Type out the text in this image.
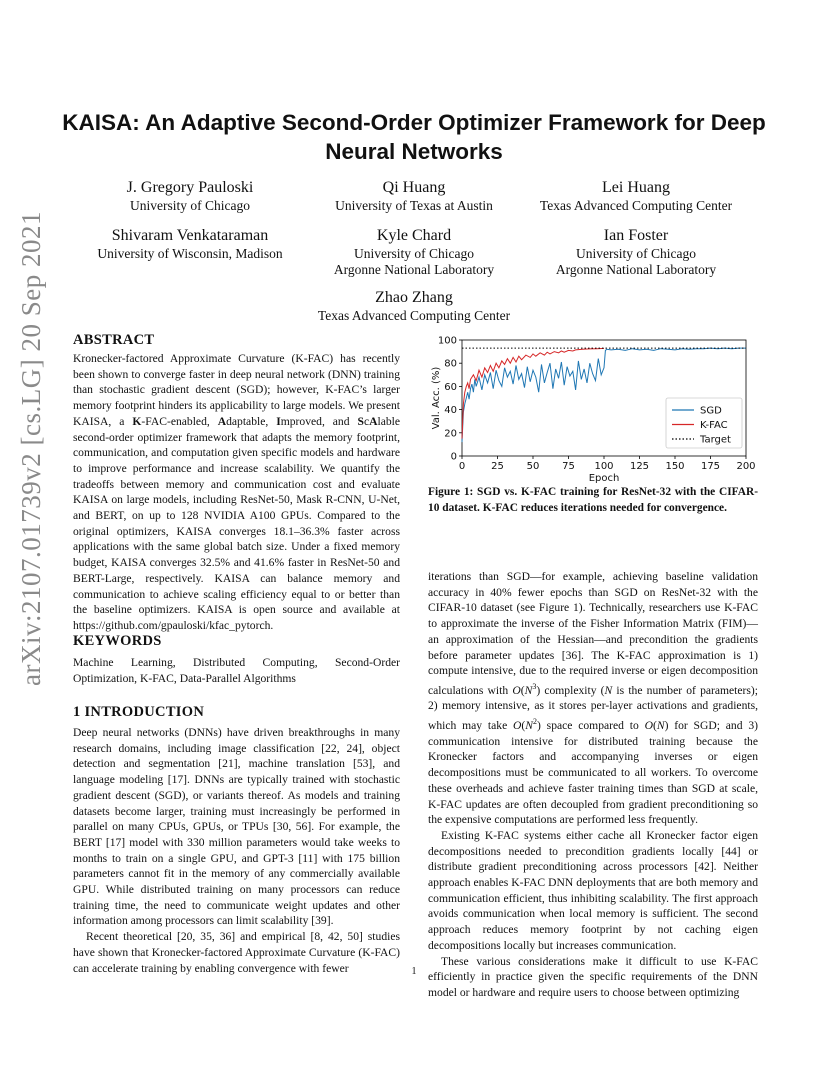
arXiv:2107.01739v2 [cs.LG] 20 Sep 2021
KAISA: An Adaptive Second-Order Optimizer Framework for Deep Neural Networks
J. Gregory Pauloski
University of Chicago
Qi Huang
University of Texas at Austin
Lei Huang
Texas Advanced Computing Center
Shivaram Venkataraman
University of Wisconsin, Madison
Kyle Chard
University of Chicago
Argonne National Laboratory
Ian Foster
University of Chicago
Argonne National Laboratory
Zhao Zhang
Texas Advanced Computing Center
ABSTRACT
Kronecker-factored Approximate Curvature (K-FAC) has recently been shown to converge faster in deep neural network (DNN) training than stochastic gradient descent (SGD); however, K-FAC’s larger memory footprint hinders its applicability to large models. We present KAISA, a K-FAC-enabled, Adaptable, Improved, and ScAlable second-order optimizer framework that adapts the memory footprint, communication, and computation given specific models and hardware to improve performance and increase scalability. We quantify the tradeoffs between memory and communication cost and evaluate KAISA on large models, including ResNet-50, Mask R-CNN, U-Net, and BERT, on up to 128 NVIDIA A100 GPUs. Compared to the original optimizers, KAISA converges 18.1–36.3% faster across applications with the same global batch size. Under a fixed memory budget, KAISA converges 32.5% and 41.6% faster in ResNet-50 and BERT-Large, respectively. KAISA can balance memory and communication to achieve scaling efficiency equal to or better than the baseline optimizers. KAISA is open source and available at https://github.com/gpauloski/kfac_pytorch.
KEYWORDS
Machine Learning, Distributed Computing, Second-Order Optimization, K-FAC, Data-Parallel Algorithms
1 INTRODUCTION

Deep neural networks (DNNs) have driven breakthroughs in many research domains, including image classification [22, 24], object detection and segmentation [21], machine translation [53], and language modeling [17]. DNNs are typically trained with stochastic gradient descent (SGD), or variants thereof. As models and training datasets become larger, training must increasingly be performed in parallel on many CPUs, GPUs, or TPUs [30, 56]. For example, the BERT [17] model with 330 million parameters would take weeks to months to train on a single GPU, and GPT-3 [11] with 175 billion parameters cannot fit in the memory of any commercially available GPU. While distributed training on many processors can reduce training time, the need to communicate weight updates and other information among processors can limit scalability [39].

Recent theoretical [20, 35, 36] and empirical [8, 42, 50] studies have shown that Kronecker-factored Approximate Curvature (K-FAC) can accelerate training by enabling convergence with fewer

0	25 50 75 100 125 150 175 200
0
20
40
60
80
100
Epoch
Val. Acc. (%)	SGD
K-FAC
Target
Figure 1: SGD vs. K-FAC training for ResNet-32 with the CIFAR-10 dataset. K-FAC reduces iterations needed for convergence.

iterations than SGD—for example, achieving baseline validation accuracy in 40% fewer epochs than SGD on ResNet-32 with the CIFAR-10 dataset (see Figure 1). Technically, researchers use K-FAC to approximate the inverse of the Fisher Information Matrix (FIM)—an approximation of the Hessian—and precondition the gradients before parameter updates [36]. The K-FAC approximation is 1) compute intensive, due to the required inverse or eigen decomposition calculations with $O(N^3)$ complexity (N is the number of parameters); 2) memory intensive, as it stores per-layer activations and gradients, which may take $O(N^2)$ space compared to O(N) for SGD; and 3) communication intensive for distributed training because the Kronecker factors and accompanying inverses or eigen decompositions must be communicated to all workers. To overcome these overheads and achieve faster training times than SGD at scale, K-FAC updates are often decoupled from gradient preconditioning so the expensive computations are performed less frequently.

Existing K-FAC systems either cache all Kronecker factor eigen decompositions needed to precondition gradients locally [44] or distribute gradient preconditioning across processors [42]. Neither approach enables K-FAC DNN deployments that are both memory and communication efficient, thus inhibiting scalability. The first approach avoids communication when local memory is sufficient. The second approach reduces memory footprint by not caching eigen decompositions locally but increases communication.

These various considerations make it difficult to use K-FAC efficiently in practice given the specific requirements of the DNN model or hardware and require users to choose between optimizing

1
